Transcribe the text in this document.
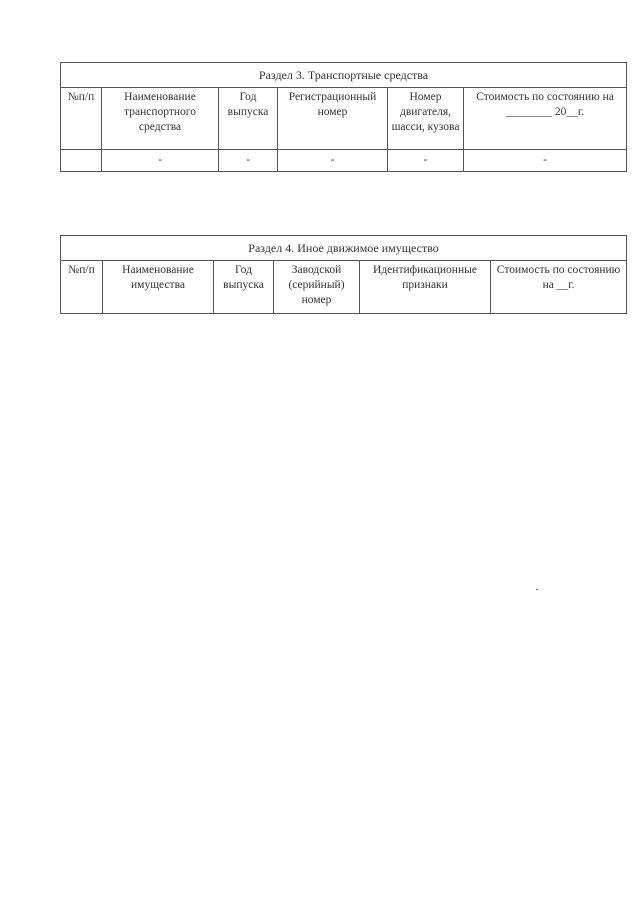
Раздел 3. Транспортные средства					
№п/п	Наименование транспортного средства	Год выпуска	Регистрационный номер	Номер двигателя, шасси, кузова	Стоимость по состоянию на ________ 20__г.
	-	-	-	-	-
Раздел 4. Иное движимое имущество
№п/п	Наименование имущества	Год выпуска	Заводской (серийный) номер	Идентификационные признаки	Стоимость по состоянию на __г.
